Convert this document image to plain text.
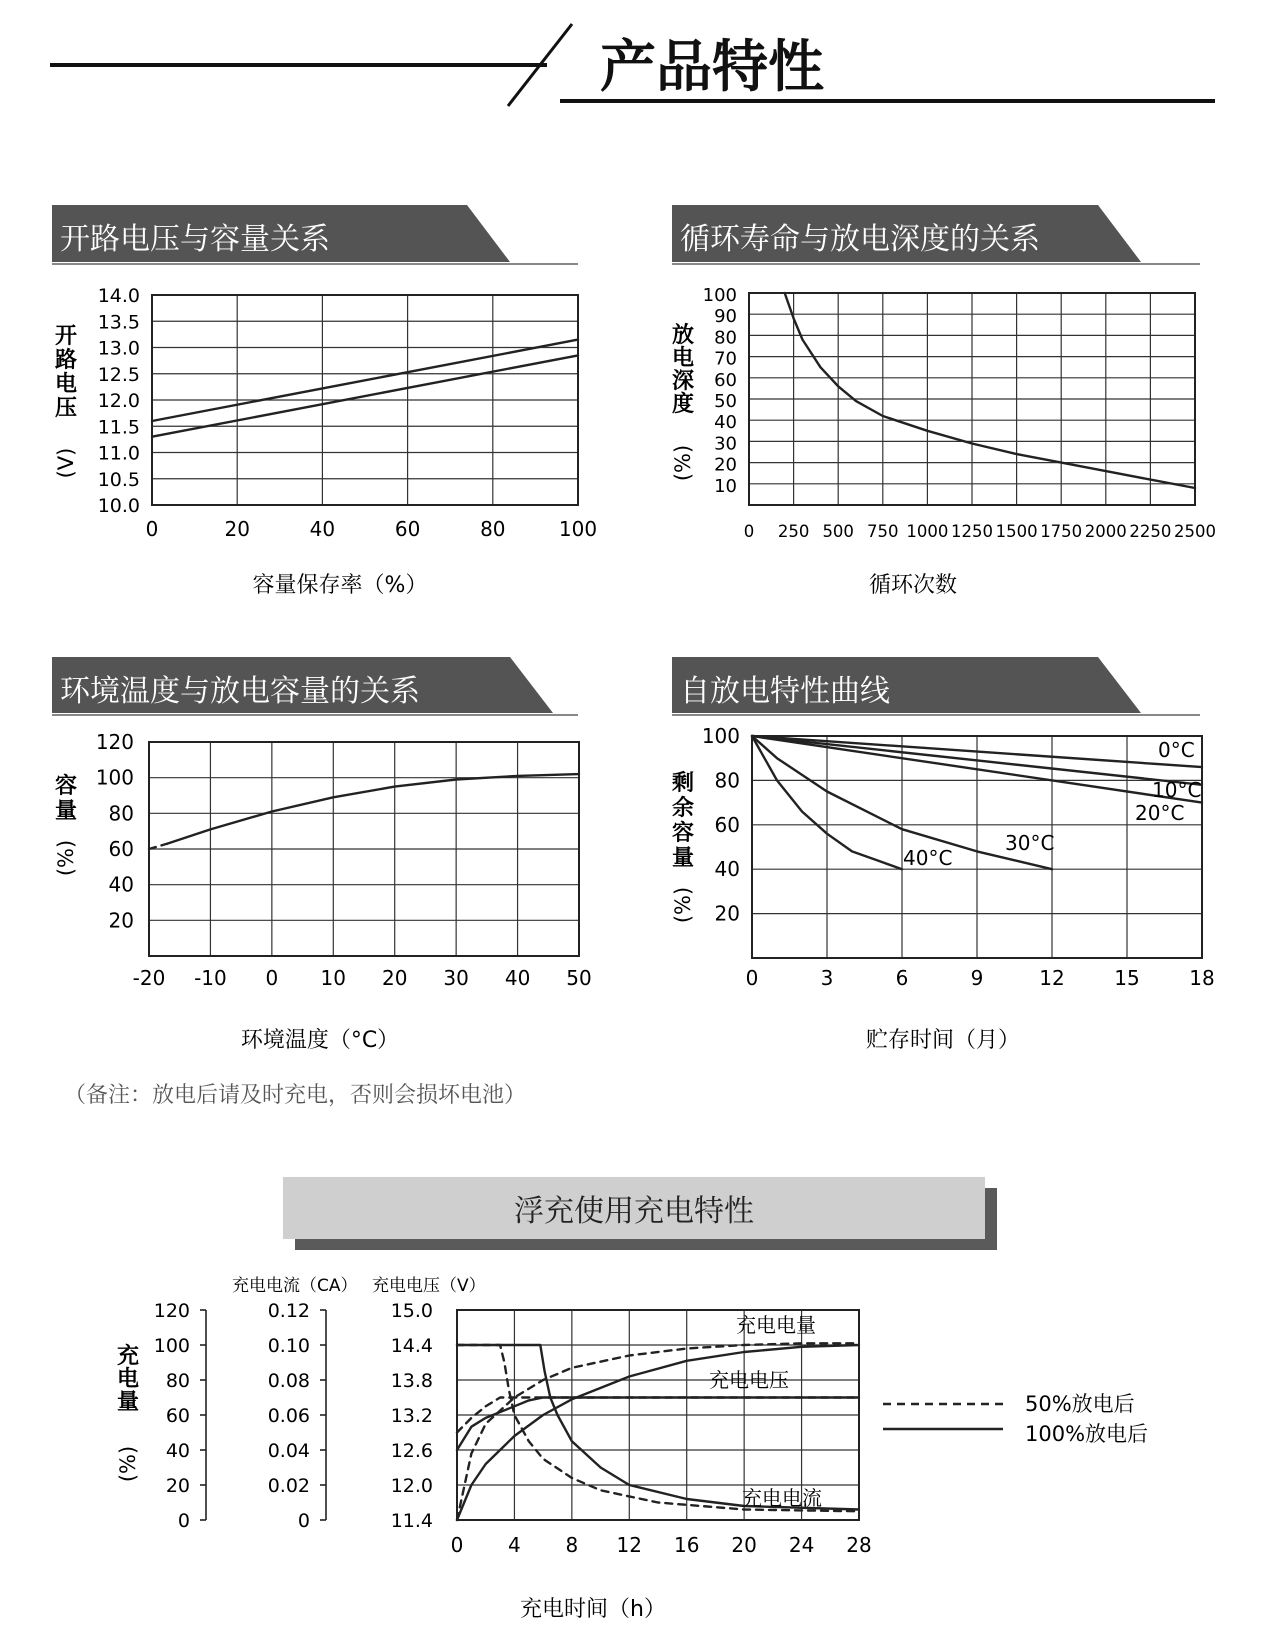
产品特性
开路电压与容量关系	循环寿命与放电深度的关系
环境温度与放电容量的关系	自放电特性曲线
容量保存率（%）	循环次数
环境温度（°C）	贮存时间（月）
14.0
13.5
13.0
12.5
12.0
11.5
11.0
10.5
10.0
0	20	40	60	80	100
开
路
电
压
(V)
100
90
80
70
60
50
40
30
20
10
0 250 500 750 1000 1250 1500 1750 2000 2250 2500
放
电
深
度
(%)
120
100
80
60
40
20
-20 -10 0 10 20 30 40 50
容
量
(%)
100
80
60
40
20
0	3	6	9	12 15 18
0°C
10°C
20°C
30°C
40°C
剩
余
容
量
(%)
（备注：放电后请及时充电，否则会损坏电池）
浮充使用充电特性
充电电流（CA） 充电电压（V）
充电时间（h）
120
100
80
60
40
20
0
0.12
0.10
0.08
0.06
0.04
0.02
0
15.0
14.4
13.8
13.2
12.6
12.0
11.4
0 4 8 12 16 20 24 28
充电电量
充电电压
充电电流
充
电
量
(%)
50%放电后
100%放电后
